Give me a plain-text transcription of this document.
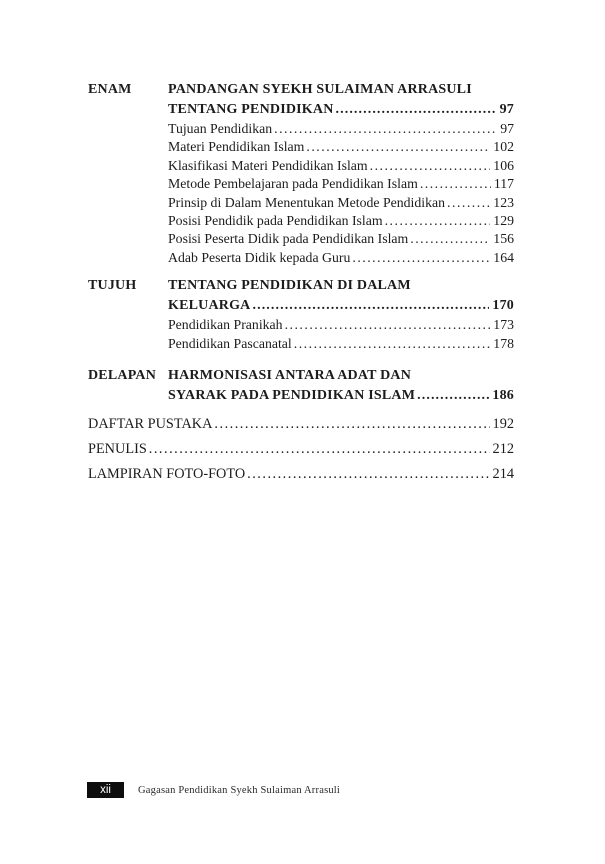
ENAM	PANDANGAN SYEKH SULAIMAN ARRASULI
TENTANG PENDIDIKAN .....	97
Tujuan Pendidikan .....	97
Materi Pendidikan Islam .....	102
Klasifikasi Materi Pendidikan Islam .....	106
Metode Pembelajaran pada Pendidikan Islam .....	117
Prinsip di Dalam Menentukan Metode Pendidikan .....	123
Posisi Pendidik pada Pendidikan Islam .....	129
Posisi Peserta Didik pada Pendidikan Islam .....	156
Adab Peserta Didik kepada Guru .....	164
TUJUH	TENTANG PENDIDIKAN DI DALAM
KELUARGA .....	170
Pendidikan Pranikah .....	173
Pendidikan Pascanatal .....	178
DELAPAN HARMONISASI ANTARA ADAT DAN
SYARAK PADA PENDIDIKAN ISLAM .....	186
DAFTAR PUSTAKA .....	192
PENULIS .....	212
LAMPIRAN FOTO-FOTO .....	214
xii	Gagasan Pendidikan Syekh Sulaiman Arrasuli
